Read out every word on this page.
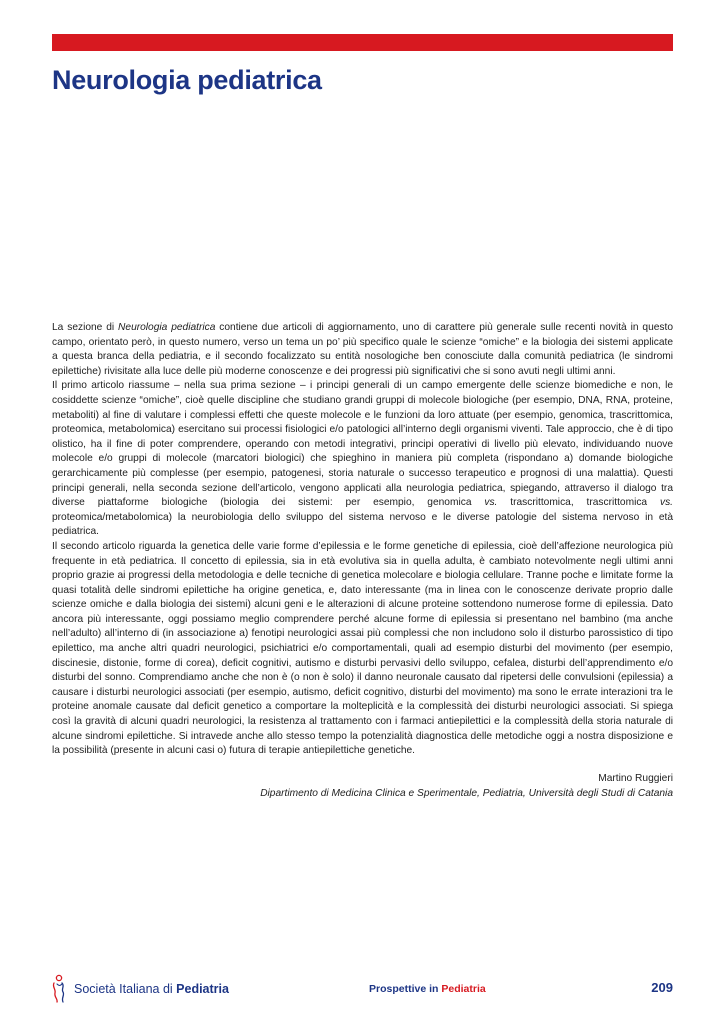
Neurologia pediatrica

La sezione di Neurologia pediatrica contiene due articoli di aggiornamento, uno di carattere più generale sulle recenti novità in questo campo, orientato però, in questo numero, verso un tema un po’ più specifico quale le scienze “omiche” e la biologia dei sistemi applicate a questa branca della pediatria, e il secondo focalizzato su entità nosologiche ben conosciute dalla comunità pediatrica (le sindromi epilettiche) rivisitate alla luce delle più moderne conoscenze e dei progressi più significativi che si sono avuti negli ultimi anni.

Il primo articolo riassume – nella sua prima sezione – i principi generali di un campo emergente delle scienze biomediche e non, le cosiddette scienze “omiche”, cioè quelle discipline che studiano grandi gruppi di molecole biologiche (per esempio, DNA, RNA, proteine, metaboliti) al fine di valutare i complessi effetti che queste molecole e le funzioni da loro attuate (per esempio, genomica, trascrittomica, proteomica, metabolomica) esercitano sui processi fisiologici e/o patologici all’interno degli organismi viventi. Tale approccio, che è di tipo olistico, ha il fine di poter comprendere, operando con metodi integrativi, principi operativi di livello più elevato, individuando nuove molecole e/o gruppi di molecole (marcatori biologici) che spieghino in maniera più completa (rispondano a) domande biologiche gerarchicamente più complesse (per esempio, patogenesi, storia naturale o successo terapeutico e prognosi di una malattia). Questi principi generali, nella seconda sezione dell’articolo, vengono applicati alla neurologia pediatrica, spiegando, attraverso il dialogo tra diverse piattaforme biologiche (biologia dei sistemi: per esempio, genomica vs. trascrittomica, trascrittomica vs. proteomica/metabolomica) la neurobiologia dello sviluppo del sistema nervoso e le diverse patologie del sistema nervoso in età pediatrica.

Il secondo articolo riguarda la genetica delle varie forme d’epilessia e le forme genetiche di epilessia, cioè dell’affezione neurologica più frequente in età pediatrica. Il concetto di epilessia, sia in età evolutiva sia in quella adulta, è cambiato notevolmente negli ultimi anni proprio grazie ai progressi della metodologia e delle tecniche di genetica molecolare e biologia cellulare. Tranne poche e limitate forme la quasi totalità delle sindromi epilettiche ha origine genetica, e, dato interessante (ma in linea con le conoscenze derivate proprio dalle scienze omiche e dalla biologia dei sistemi) alcuni geni e le alterazioni di alcune proteine sottendono numerose forme di epilessia. Dato ancora più interessante, oggi possiamo meglio comprendere perché alcune forme di epilessia si presentano nel bambino (ma anche nell’adulto) all’interno di (in associazione a) fenotipi neurologici assai più complessi che non includono solo il disturbo parossistico di tipo epilettico, ma anche altri quadri neurologici, psichiatrici e/o comportamentali, quali ad esempio disturbi del movimento (per esempio, discinesie, distonie, forme di corea), deficit cognitivi, autismo e disturbi pervasivi dello sviluppo, cefalea, disturbi dell’apprendimento e/o disturbi del sonno. Comprendiamo anche che non è (o non è solo) il danno neuronale causato dal ripetersi delle convulsioni (epilessia) a causare i disturbi neurologici associati (per esempio, autismo, deficit cognitivo, disturbi del movimento) ma sono le errate interazioni tra le proteine anomale causate dal deficit genetico a comportare la molteplicità e la complessità dei disturbi neurologici associati. Si spiega così la gravità di alcuni quadri neurologici, la resistenza al trattamento con i farmaci antiepilettici e la complessità della storia naturale di alcune sindromi epilettiche. Si intravede anche allo stesso tempo la potenzialità diagnostica delle metodiche oggi a nostra disposizione e la possibilità (presente in alcuni casi o) futura di terapie antiepilettiche genetiche.

Martino Ruggieri
Dipartimento di Medicina Clinica e Sperimentale, Pediatria, Università degli Studi di Catania
Società Italiana di Pediatria	Prospettive in Pediatria	209
